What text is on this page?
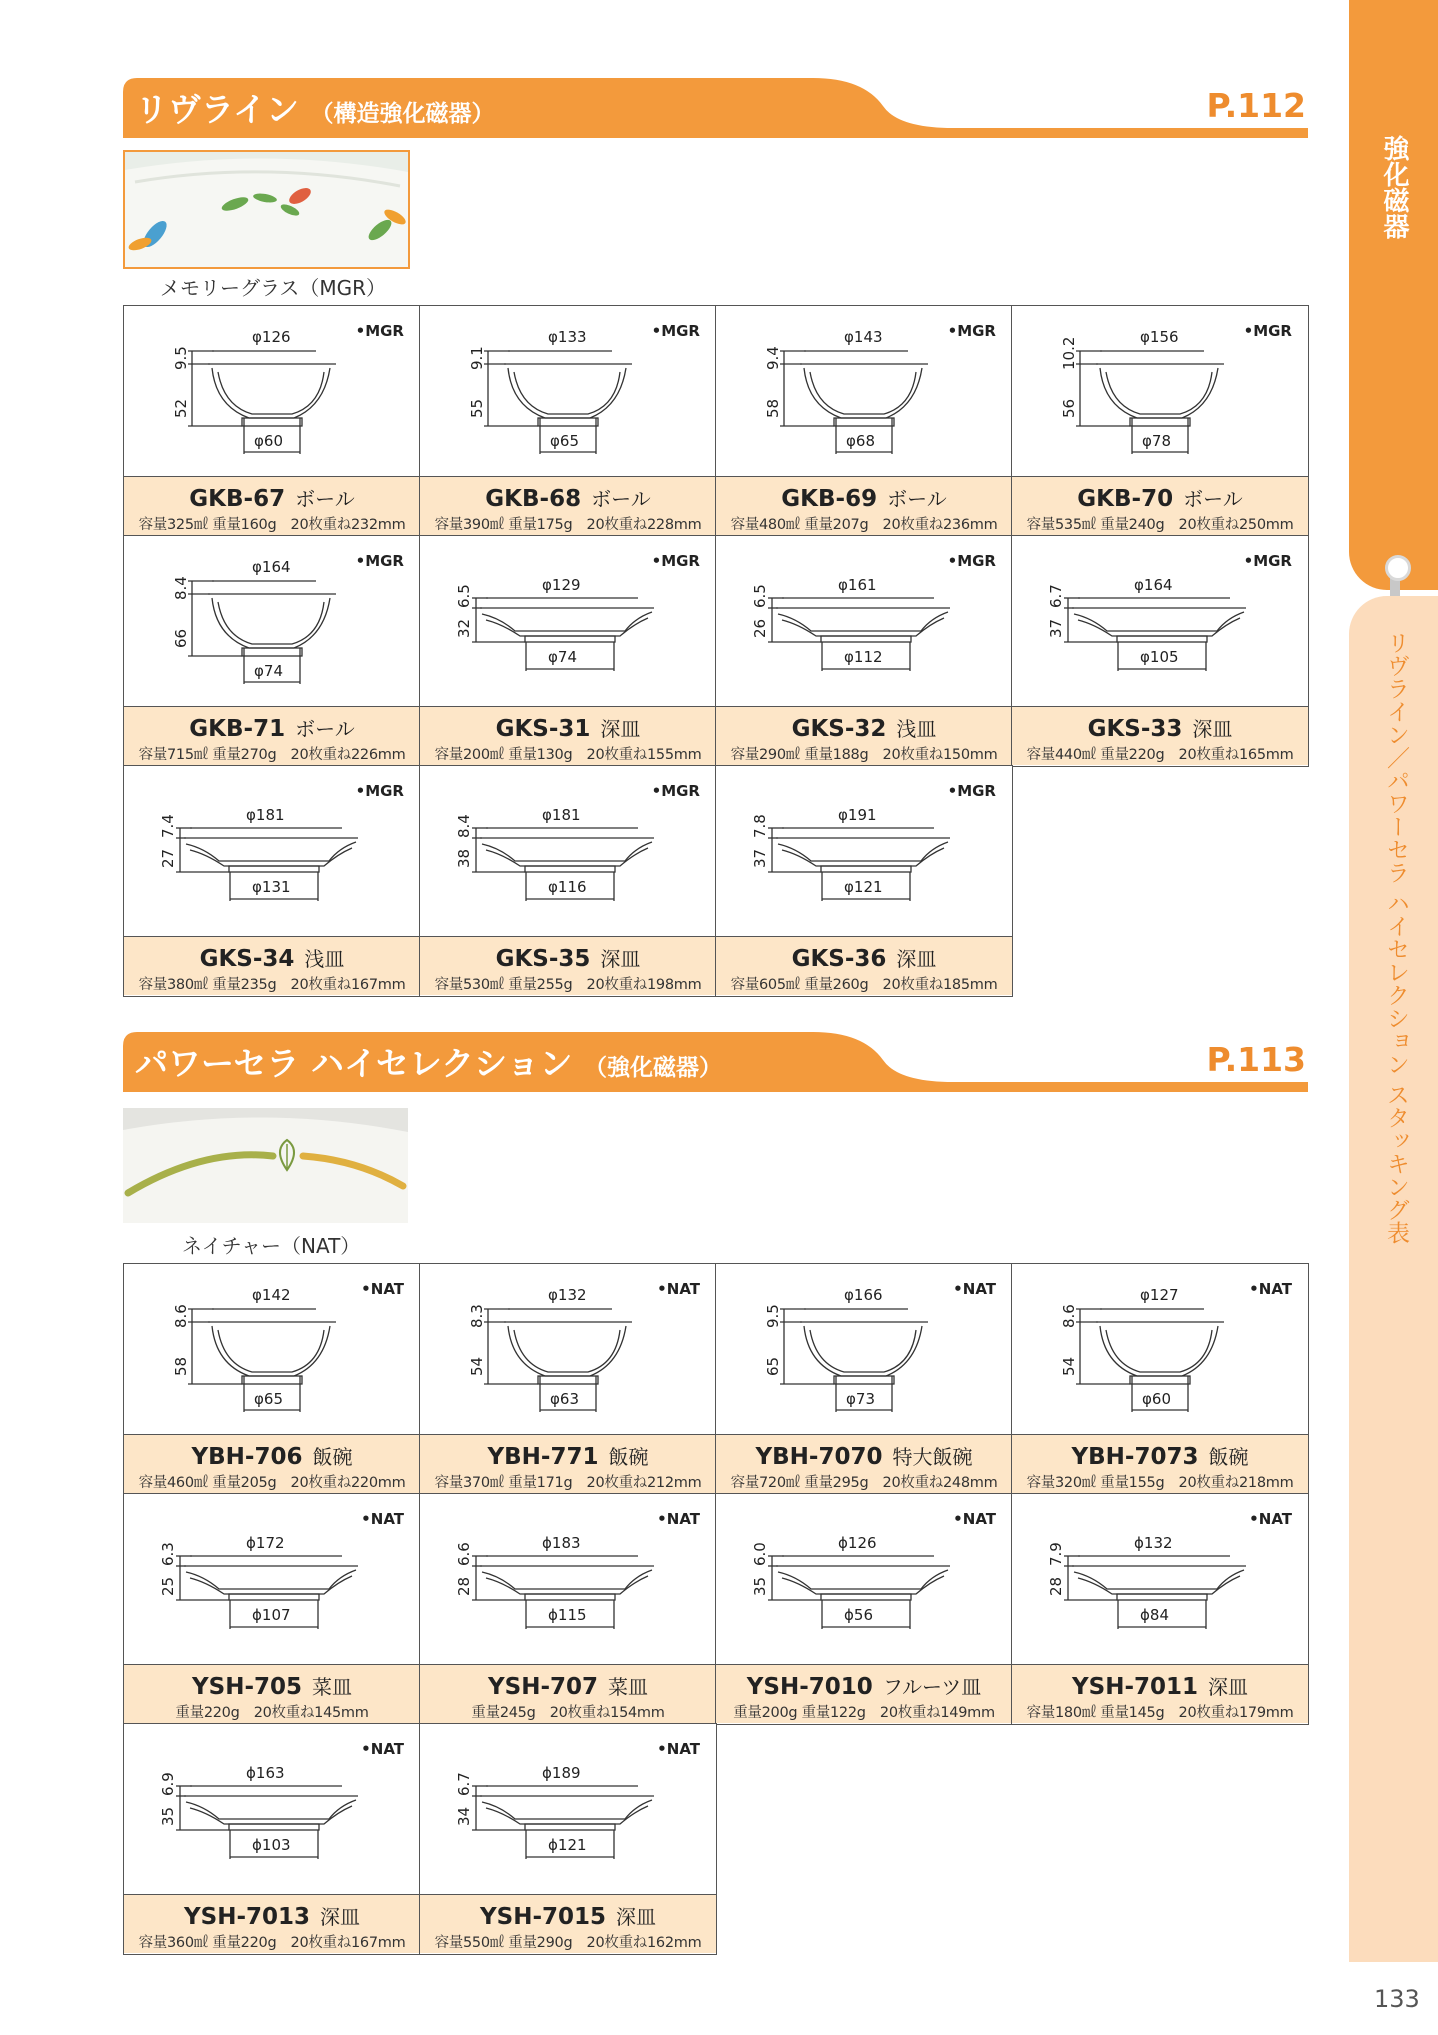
強化磁器
リヴライン／パワーセラ ハイセレクション スタッキング表
133
リヴライン （構造強化磁器）	P.112
メモリーグラス（MGR）
•MGR
φ126
φ60
52
9.5
GKB-67 ボール
容量325㎖ 重量160g　20枚重ね232mm
•MGR
φ133
φ65
55
9.1
GKB-68 ボール
容量390㎖ 重量175g　20枚重ね228mm
•MGR
φ143
φ68
58
9.4
GKB-69 ボール
容量480㎖ 重量207g　20枚重ね236mm
•MGR
φ156
φ78
56
10.2
GKB-70 ボール
容量535㎖ 重量240g　20枚重ね250mm
•MGR
φ164
φ74
66
8.4
GKB-71 ボール
容量715㎖ 重量270g　20枚重ね226mm
•MGR
φ129
φ74
32
6.5
GKS-31 深皿
容量200㎖ 重量130g　20枚重ね155mm
•MGR
φ161
φ112
26
6.5
GKS-32 浅皿
容量290㎖ 重量188g　20枚重ね150mm
•MGR
φ164
φ105
37
6.7
GKS-33 深皿
容量440㎖ 重量220g　20枚重ね165mm
•MGR
φ181
φ131
27
7.4
GKS-34 浅皿
容量380㎖ 重量235g　20枚重ね167mm
•MGR
φ181
φ116
38
8.4
GKS-35 深皿
容量530㎖ 重量255g　20枚重ね198mm
•MGR
φ191
φ121
37
7.8
GKS-36 深皿
容量605㎖ 重量260g　20枚重ね185mm
パワーセラ ハイセレクション （強化磁器）	P.113
ネイチャー（NAT）
•NAT
φ142
φ65
58
8.6
YBH-706 飯碗
容量460㎖ 重量205g　20枚重ね220mm
•NAT
φ132
φ63
54
8.3
YBH-771 飯碗
容量370㎖ 重量171g　20枚重ね212mm
•NAT
φ166
φ73
65
9.5
YBH-7070 特大飯碗
容量720㎖ 重量295g　20枚重ね248mm
•NAT
φ127
φ60
54
8.6
YBH-7073 飯碗
容量320㎖ 重量155g　20枚重ね218mm
•NAT
ϕ172
ϕ107
25
6.3
YSH-705 菜皿
重量220g　20枚重ね145mm
•NAT
ϕ183
ϕ115
28
6.6
YSH-707 菜皿
重量245g　20枚重ね154mm
•NAT
ϕ126
ϕ56
35
6.0
YSH-7010 フルーツ皿
重量200g 重量122g　20枚重ね149mm
•NAT
ϕ132
ϕ84
28
7.9
YSH-7011 深皿
容量180㎖ 重量145g　20枚重ね179mm
•NAT
ϕ163
ϕ103
35
6.9
YSH-7013 深皿
容量360㎖ 重量220g　20枚重ね167mm
•NAT
ϕ189
ϕ121
34
6.7
YSH-7015 深皿
容量550㎖ 重量290g　20枚重ね162mm
